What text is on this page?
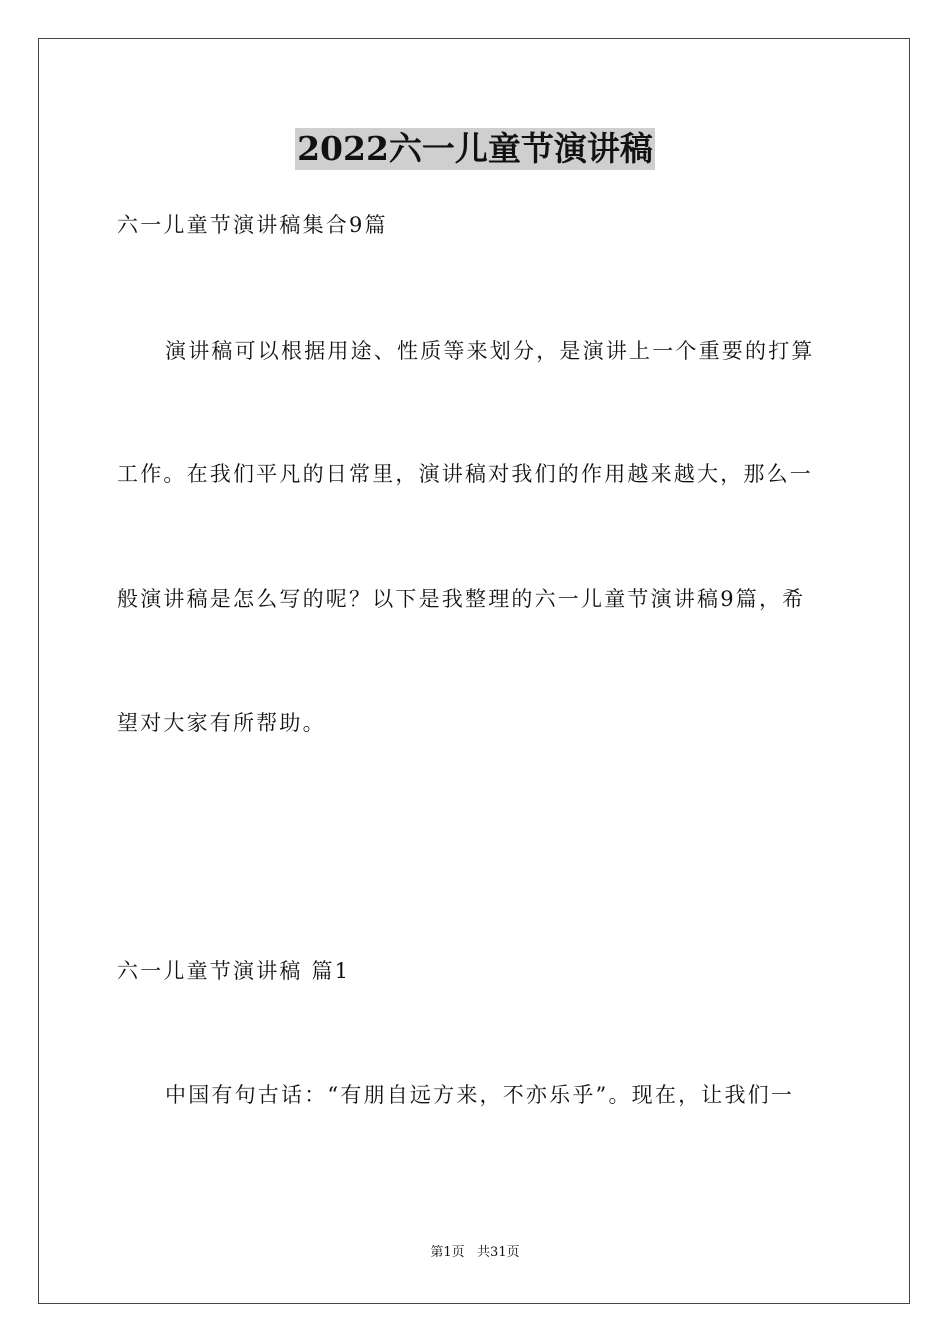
2022六一儿童节演讲稿
六一儿童节演讲稿集合9篇
演讲稿可以根据用途、性质等来划分，是演讲上一个重要的打算
工作。在我们平凡的日常里，演讲稿对我们的作用越来越大，那么一
般演讲稿是怎么写的呢？以下是我整理的六一儿童节演讲稿9篇，希
望对大家有所帮助。
六一儿童节演讲稿 篇1
中国有句古话：“有朋自远方来，不亦乐乎”。现在，让我们一
第1页   共31页
